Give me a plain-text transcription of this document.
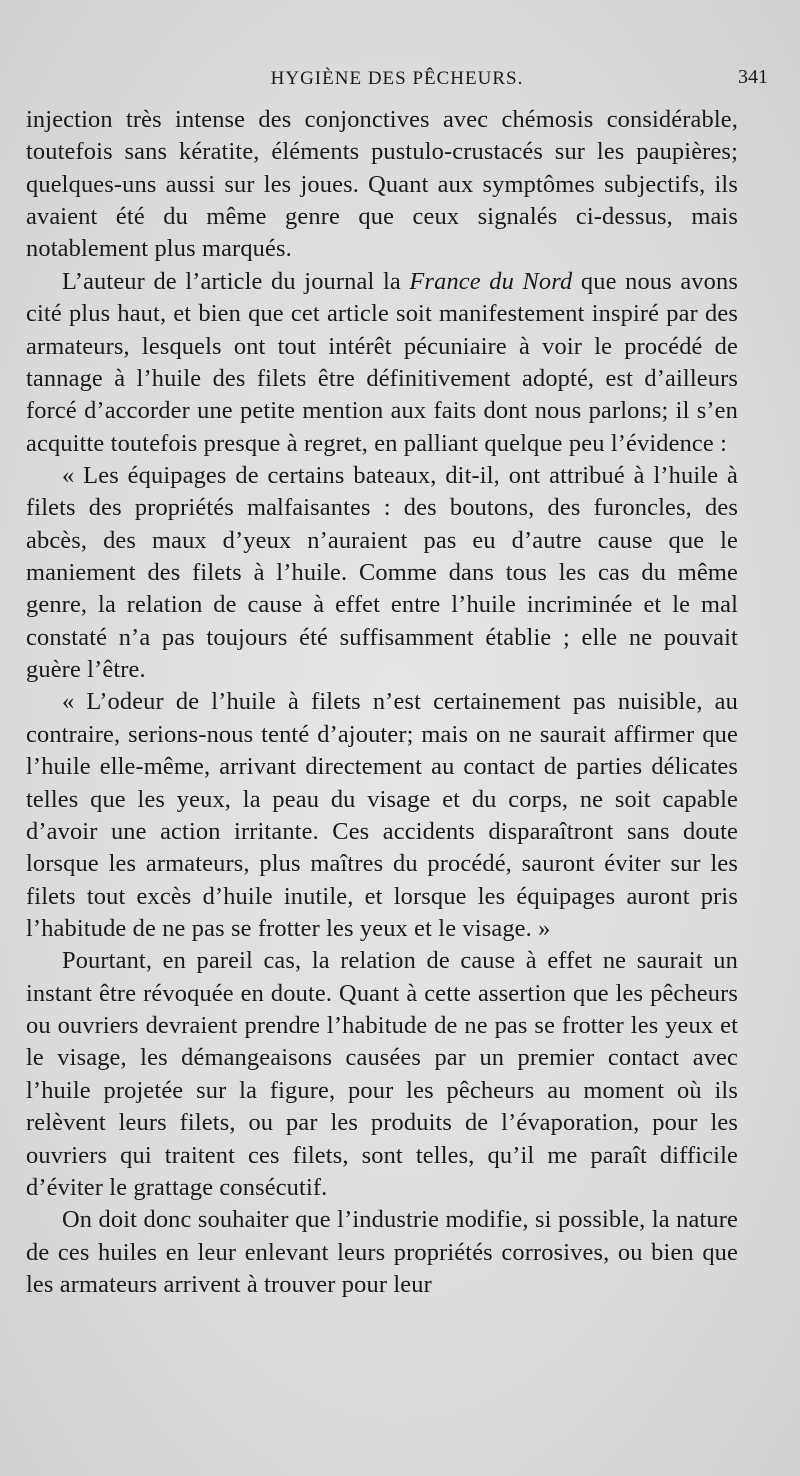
HYGIÈNE DES PÊCHEURS.	341

injection très intense des conjonctives avec chémosis considérable, toutefois sans kératite, éléments pustulo-crustacés sur les paupières; quelques-uns aussi sur les joues. Quant aux symptômes subjectifs, ils avaient été du même genre que ceux signalés ci-dessus, mais notablement plus marqués.

L’auteur de l’article du journal la France du Nord que nous avons cité plus haut, et bien que cet article soit manifestement inspiré par des armateurs, lesquels ont tout intérêt pécuniaire à voir le procédé de tannage à l’huile des filets être définitivement adopté, est d’ailleurs forcé d’accorder une petite mention aux faits dont nous parlons; il s’en acquitte toutefois presque à regret, en palliant quelque peu l’évidence :

« Les équipages de certains bateaux, dit-il, ont attribué à l’huile à filets des propriétés malfaisantes : des boutons, des furoncles, des abcès, des maux d’yeux n’auraient pas eu d’autre cause que le maniement des filets à l’huile. Comme dans tous les cas du même genre, la relation de cause à effet entre l’huile incriminée et le mal constaté n’a pas toujours été suffisamment établie ; elle ne pouvait guère l’être.

« L’odeur de l’huile à filets n’est certainement pas nuisible, au contraire, serions-nous tenté d’ajouter; mais on ne saurait affirmer que l’huile elle-même, arrivant directement au contact de parties délicates telles que les yeux, la peau du visage et du corps, ne soit capable d’avoir une action irritante. Ces accidents disparaîtront sans doute lorsque les armateurs, plus maîtres du procédé, sauront éviter sur les filets tout excès d’huile inutile, et lorsque les équipages auront pris l’habitude de ne pas se frotter les yeux et le visage. »

Pourtant, en pareil cas, la relation de cause à effet ne saurait un instant être révoquée en doute. Quant à cette assertion que les pêcheurs ou ouvriers devraient prendre l’habitude de ne pas se frotter les yeux et le visage, les démangeaisons causées par un premier contact avec l’huile projetée sur la figure, pour les pêcheurs au moment où ils relèvent leurs filets, ou par les produits de l’évaporation, pour les ouvriers qui traitent ces filets, sont telles, qu’il me paraît difficile d’éviter le grattage consécutif.

On doit donc souhaiter que l’industrie modifie, si possible, la nature de ces huiles en leur enlevant leurs propriétés corrosives, ou bien que les armateurs arrivent à trouver pour leur
